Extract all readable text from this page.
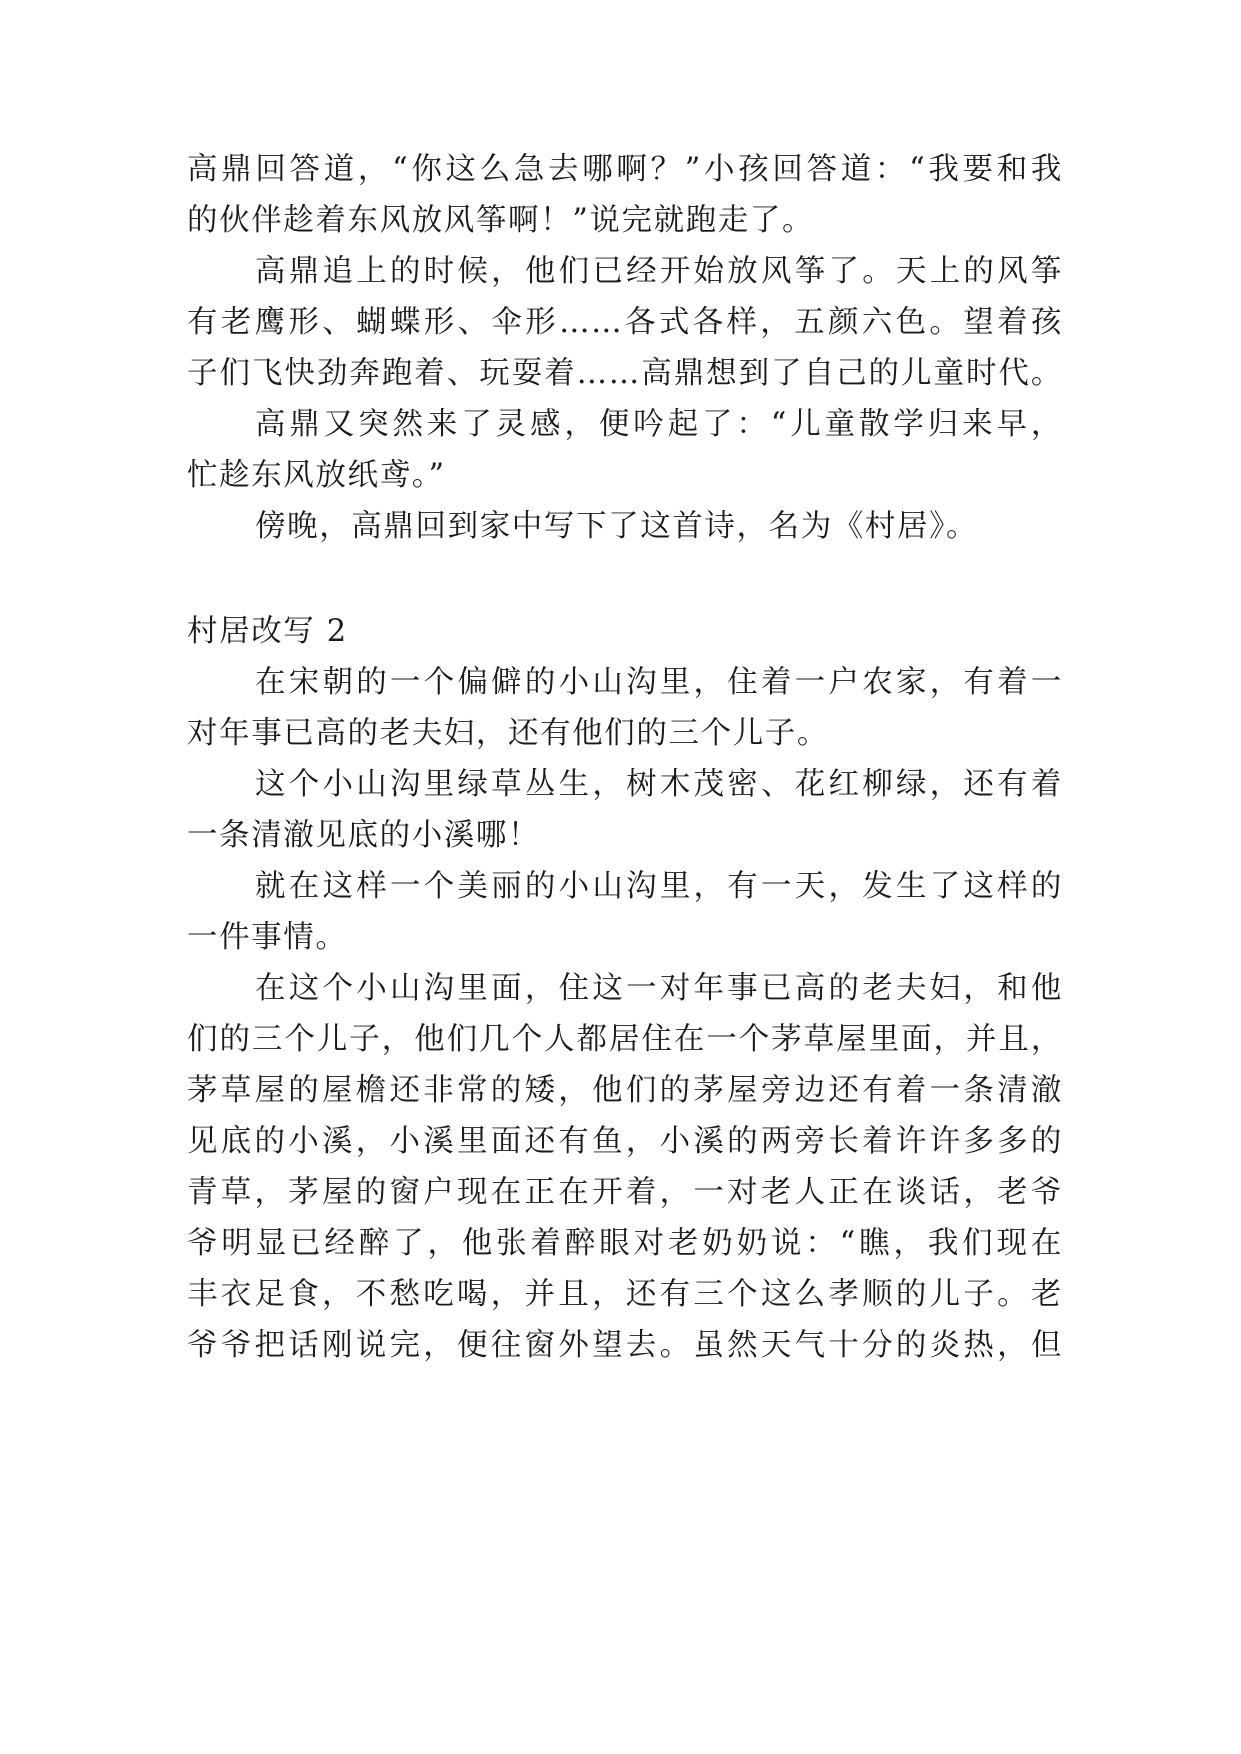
高鼎回答道，“你这么急去哪啊？”小孩回答道：“我要和我
的伙伴趁着东风放风筝啊！”说完就跑走了。
高鼎追上的时候，他们已经开始放风筝了。天上的风筝
有老鹰形、蝴蝶形、伞形……各式各样，五颜六色。望着孩
子们飞快劲奔跑着、玩耍着……高鼎想到了自己的儿童时代。
高鼎又突然来了灵感，便吟起了：“儿童散学归来早，
忙趁东风放纸鸢。”
傍晚，高鼎回到家中写下了这首诗，名为《村居》。
村居改写 2
在宋朝的一个偏僻的小山沟里，住着一户农家，有着一
对年事已高的老夫妇，还有他们的三个儿子。
这个小山沟里绿草丛生，树木茂密、花红柳绿，还有着
一条清澈见底的小溪哪！
就在这样一个美丽的小山沟里，有一天，发生了这样的
一件事情。
在这个小山沟里面，住这一对年事已高的老夫妇，和他
们的三个儿子，他们几个人都居住在一个茅草屋里面，并且，
茅草屋的屋檐还非常的矮，他们的茅屋旁边还有着一条清澈
见底的小溪，小溪里面还有鱼，小溪的两旁长着许许多多的
青草，茅屋的窗户现在正在开着，一对老人正在谈话，老爷
爷明显已经醉了，他张着醉眼对老奶奶说：“瞧，我们现在
丰衣足食，不愁吃喝，并且，还有三个这么孝顺的儿子。老
爷爷把话刚说完，便往窗外望去。虽然天气十分的炎热，但
